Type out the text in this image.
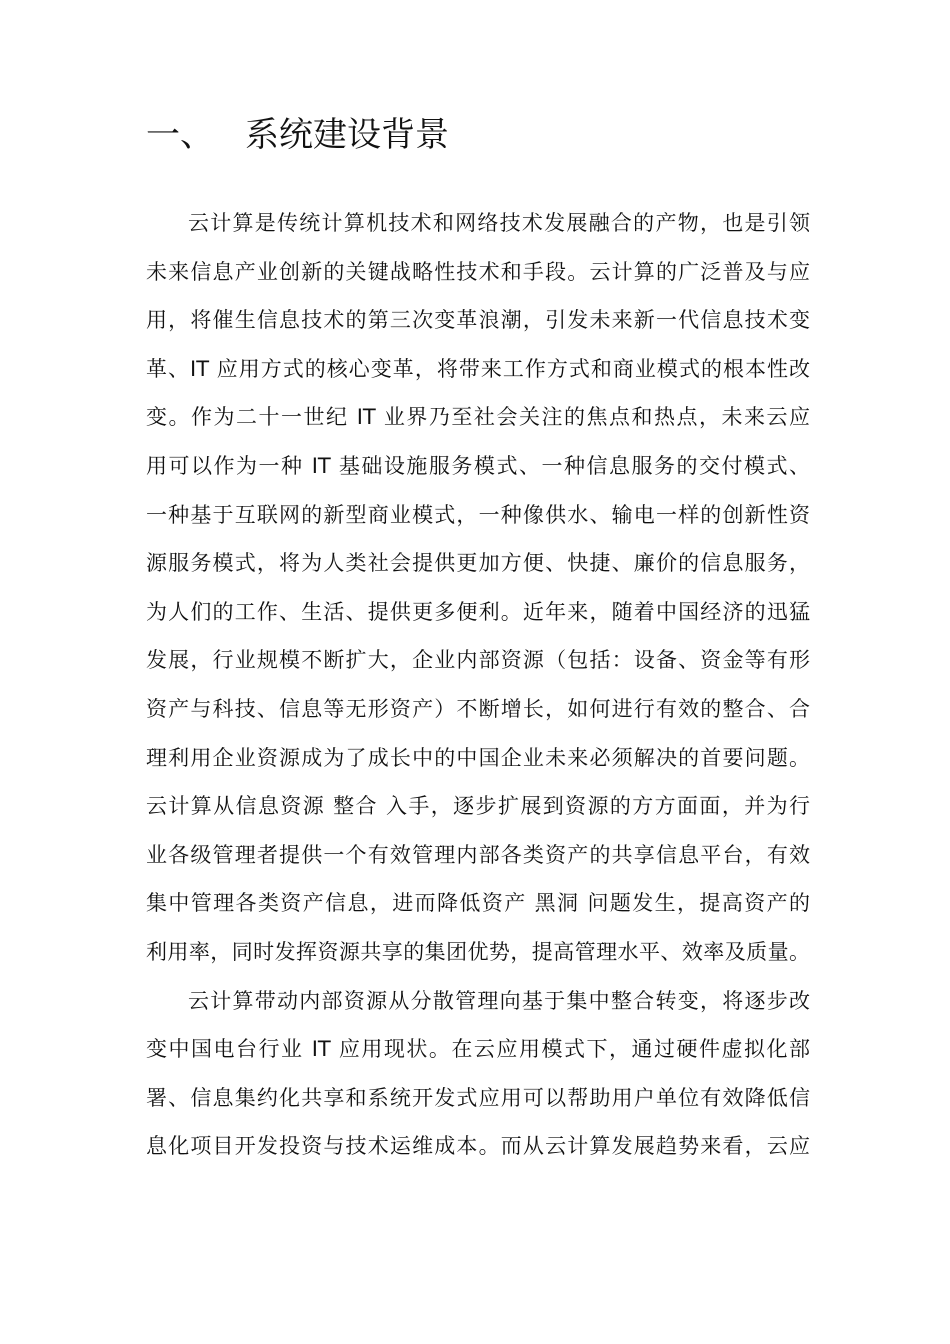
一、 系统建设背景
云计算是传统计算机技术和网络技术发展融合的产物，也是引领
未来信息产业创新的关键战略性技术和手段。云计算的广泛普及与应
用，将催生信息技术的第三次变革浪潮，引发未来新一代信息技术变
革、IT 应用方式的核心变革，将带来工作方式和商业模式的根本性改
变。作为二十一世纪 IT 业界乃至社会关注的焦点和热点，未来云应
用可以作为一种 IT 基础设施服务模式、一种信息服务的交付模式、
一种基于互联网的新型商业模式，一种像供水、输电一样的创新性资
源服务模式，将为人类社会提供更加方便、快捷、廉价的信息服务，
为人们的工作、生活、提供更多便利。近年来，随着中国经济的迅猛
发展，行业规模不断扩大，企业内部资源（包括：设备、资金等有形
资产与科技、信息等无形资产）不断增长，如何进行有效的整合、合
理利用企业资源成为了成长中的中国企业未来必须解决的首要问题。
云计算从信息资源 整合 入手，逐步扩展到资源的方方面面，并为行
业各级管理者提供一个有效管理内部各类资产的共享信息平台，有效
集中管理各类资产信息，进而降低资产 黑洞 问题发生，提高资产的
利用率，同时发挥资源共享的集团优势，提高管理水平、效率及质量。
云计算带动内部资源从分散管理向基于集中整合转变，将逐步改
变中国电台行业 IT 应用现状。在云应用模式下，通过硬件虚拟化部
署、信息集约化共享和系统开发式应用可以帮助用户单位有效降低信
息化项目开发投资与技术运维成本。而从云计算发展趋势来看，云应
